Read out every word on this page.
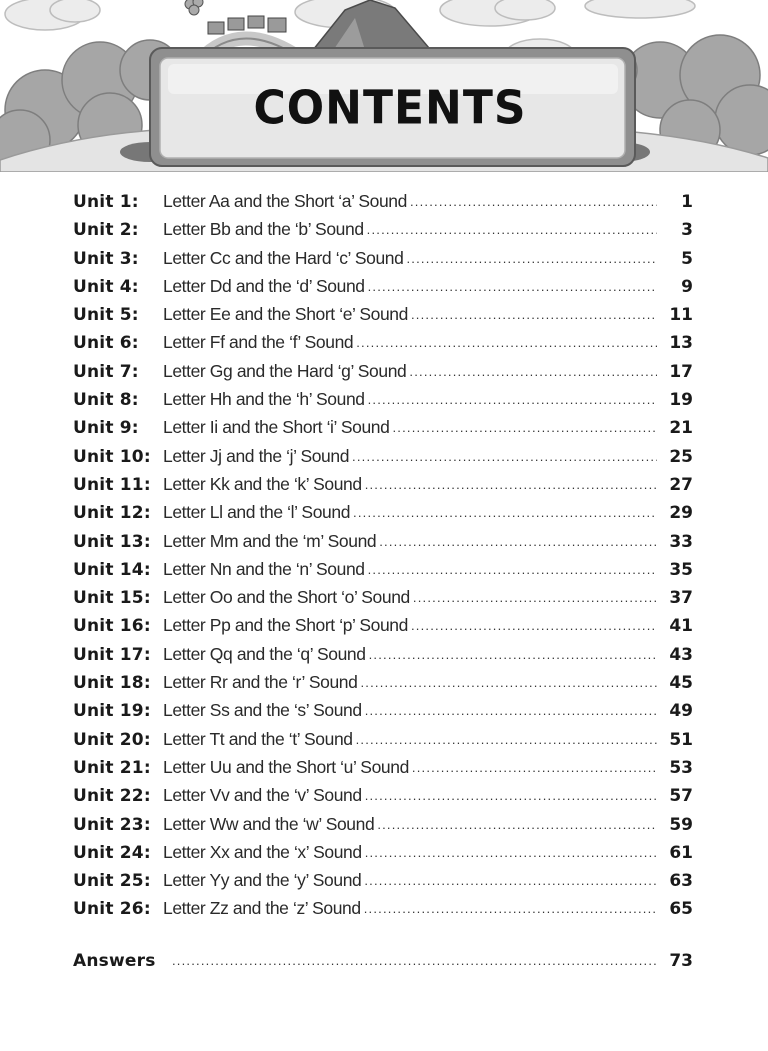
CONTENTS
Unit 1:	Letter Aa and the Short ‘a’ Sound .....	1
Unit 2:	Letter Bb and the ‘b’ Sound .....	3
Unit 3:	Letter Cc and the Hard ‘c’ Sound .....	5
Unit 4:	Letter Dd and the ‘d’ Sound .....	9
Unit 5:	Letter Ee and the Short ‘e’ Sound .....	11
Unit 6:	Letter Ff and the ‘f’ Sound .....	13
Unit 7:	Letter Gg and the Hard ‘g’ Sound .....	17
Unit 8:	Letter Hh and the ‘h’ Sound .....	19
Unit 9:	Letter Ii and the Short ‘i’ Sound .....	21
Unit 10: Letter Jj and the ‘j’ Sound .....	25
Unit 11: Letter Kk and the ‘k’ Sound .....	27
Unit 12: Letter Ll and the ‘l’ Sound .....	29
Unit 13: Letter Mm and the ‘m’ Sound .....	33
Unit 14: Letter Nn and the ‘n’ Sound .....	35
Unit 15: Letter Oo and the Short ‘o’ Sound .....	37
Unit 16: Letter Pp and the Short ‘p’ Sound .....	41
Unit 17: Letter Qq and the ‘q’ Sound .....	43
Unit 18: Letter Rr and the ‘r’ Sound .....	45
Unit 19: Letter Ss and the ‘s’ Sound .....	49
Unit 20: Letter Tt and the ‘t’ Sound .....	51
Unit 21: Letter Uu and the Short ‘u’ Sound .....	53
Unit 22: Letter Vv and the ‘v’ Sound .....	57
Unit 23: Letter Ww and the ‘w’ Sound .....	59
Unit 24: Letter Xx and the ‘x’ Sound .....	61
Unit 25: Letter Yy and the ‘y’ Sound .....	63
Unit 26: Letter Zz and the ‘z’ Sound .....	65
Answers .....	73
